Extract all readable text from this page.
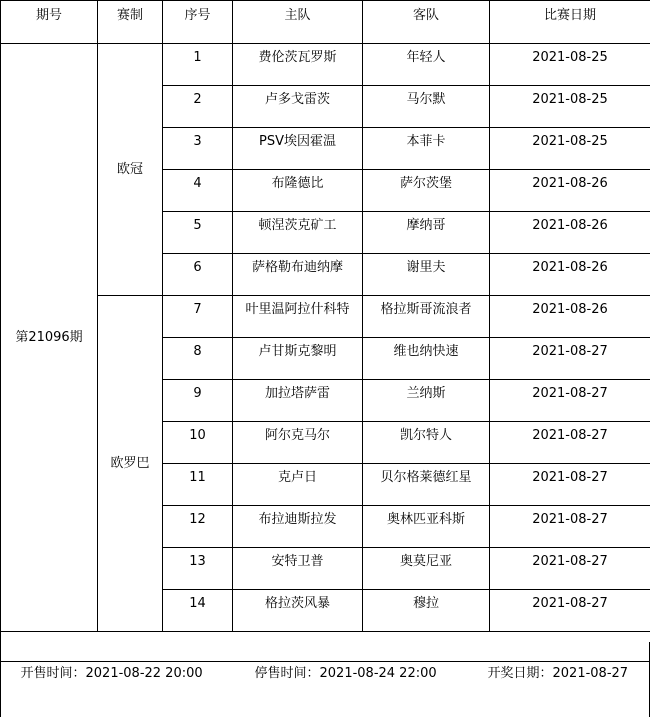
期号	赛制	序号	主队	客队	比赛日期
第21096期	欧冠	1	费伦茨瓦罗斯	年轻人	2021-08-25
		2	卢多戈雷茨	马尔默	2021-08-25
		3	PSV埃因霍温	本菲卡	2021-08-25
		4	布隆德比	萨尔茨堡	2021-08-26
		5	顿涅茨克矿工	摩纳哥	2021-08-26
		6	萨格勒布迪纳摩	谢里夫	2021-08-26
	欧罗巴	7	叶里温阿拉什科特	格拉斯哥流浪者	2021-08-26
		8	卢甘斯克黎明	维也纳快速	2021-08-27
		9	加拉塔萨雷	兰纳斯	2021-08-27
		10	阿尔克马尔	凯尔特人	2021-08-27
		11	克卢日	贝尔格莱德红星	2021-08-27
		12	布拉迪斯拉发	奥林匹亚科斯	2021-08-27
		13	安特卫普	奥莫尼亚	2021-08-27
		14	格拉茨风暴	穆拉	2021-08-27

开售时间：2021-08-22 20:00 停售时间：2021-08-24 22:00 开奖日期：2021-08-27					
